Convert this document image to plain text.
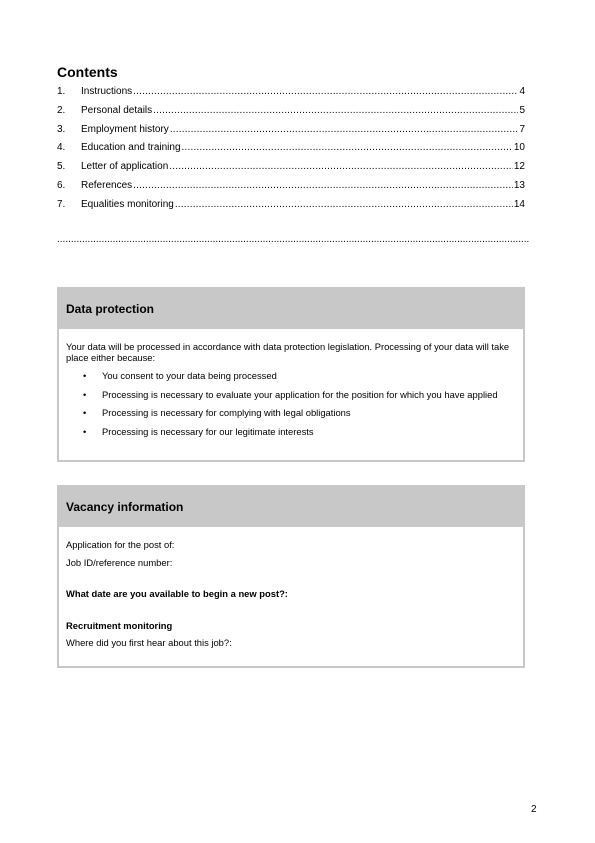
Contents
1.	Instructions .....	4
2.	Personal details .....	5
3.	Employment history .....	7
4.	Education and training .....	10
5.	Letter of application .....	12
6.	References .....	13
7.	Equalities monitoring .....	14
.....
Data protection
Your data will be processed in accordance with data protection legislation. Processing of your data will take place either because:
•	You consent to your data being processed
•	Processing is necessary to evaluate your application for the position for which you have applied
•	Processing is necessary for complying with legal obligations
•	Processing is necessary for our legitimate interests
Vacancy information
Application for the post of:
Job ID/reference number:
What date are you available to begin a new post?:
Recruitment monitoring
Where did you first hear about this job?:
2
